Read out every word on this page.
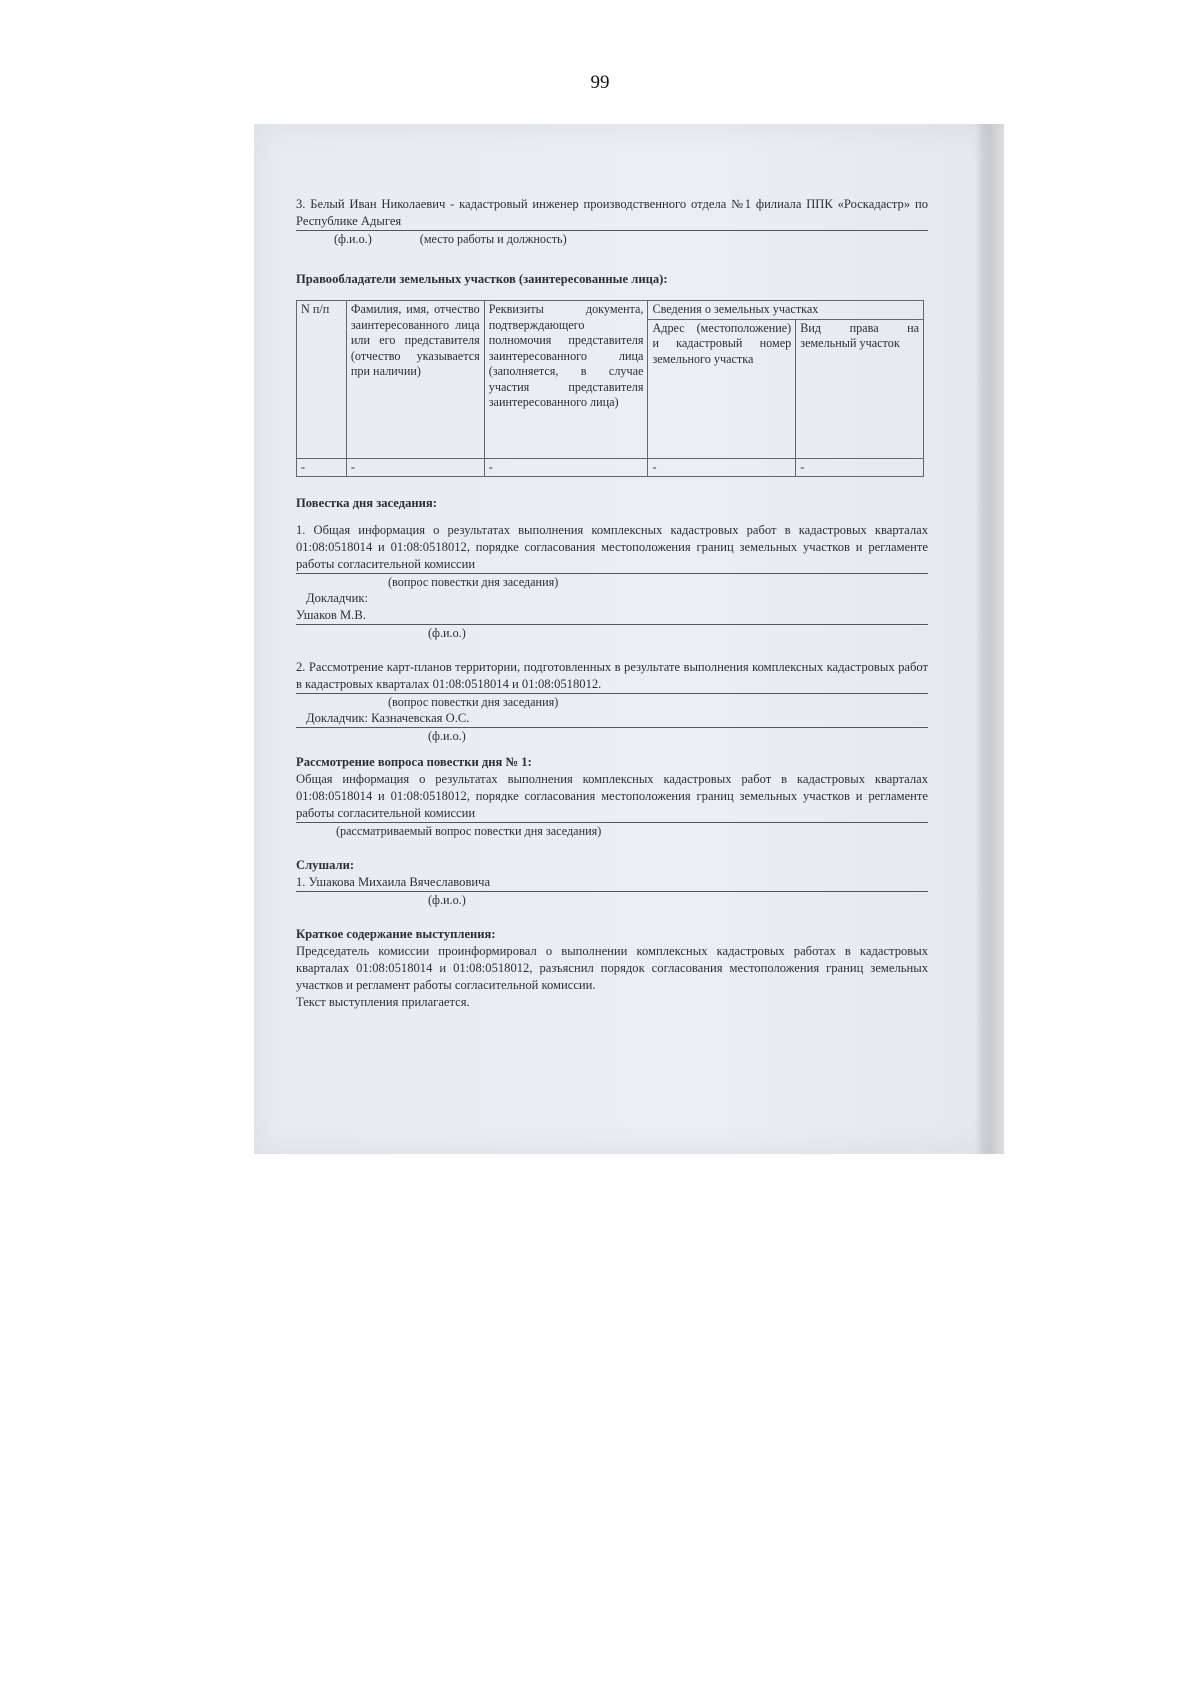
99
3. Белый Иван Николаевич - кадастровый инженер производственного отдела №1 филиала ППК «Роскадастр» по Республике Адыгея
(ф.и.о.)	(место работы и должность)
Правообладатели земельных участков (заинтересованные лица):
N п/п	Фамилия, имя, отчество заинтересованного лица или его представителя (отчество указывается при наличии)	Реквизиты документа, подтверждающего полномочия представителя заинтересованного лица (заполняется, в случае участия представителя заинтересованного лица)	Сведения о земельных участках	
			Адрес (местоположение) и кадастровый номер земельного участка	Вид права на земельный участок
-	-	-	-	-
Повестка дня заседания:
1. Общая информация о результатах выполнения комплексных кадастровых работ в кадастровых кварталах 01:08:0518014 и 01:08:0518012, порядке согласования местоположения границ земельных участков и регламенте работы согласительной комиссии
(вопрос повестки дня заседания)
Докладчик:
Ушаков М.В.
(ф.и.о.)
2. Рассмотрение карт-планов территории, подготовленных в результате выполнения комплексных кадастровых работ в кадастровых кварталах 01:08:0518014 и 01:08:0518012.
(вопрос повестки дня заседания)
Докладчик: Казначевская О.С.
(ф.и.о.)
Рассмотрение вопроса повестки дня № 1:
Общая информация о результатах выполнения комплексных кадастровых работ в кадастровых кварталах 01:08:0518014 и 01:08:0518012, порядке согласования местоположения границ земельных участков и регламенте работы согласительной комиссии
(рассматриваемый вопрос повестки дня заседания)
Слушали:
1. Ушакова Михаила Вячеславовича
(ф.и.о.)
Краткое содержание выступления:
Председатель комиссии проинформировал о выполнении комплексных кадастровых работах в кадастровых кварталах 01:08:0518014 и 01:08:0518012, разъяснил порядок согласования местоположения границ земельных участков и регламент работы согласительной комиссии.
Текст выступления прилагается.
